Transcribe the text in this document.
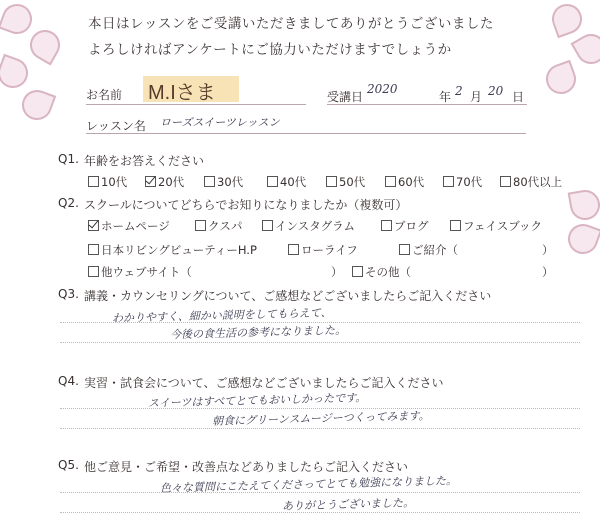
本日はレッスンをご受講いただきましてありがとうございました
よろしければアンケートにご協力いただけますでしょうか
お名前 M.Iさま	受講日
2020
年 2 月 20 日
レッスン名 ローズスイーツレッスン
Q1. 年齢をお答えください
10代	20代	30代	40代	50代	60代	70代	80代以上
Q2. スクールについてどちらでお知りになりましたか（複数可）
ホームページ	クスパ	インスタグラム	ブログ	フェイスブック
日本リビングビューティーH.P	ローライフ	ご紹介（	）
他ウェブサイト（	）	その他（	）
Q3. 講義・カウンセリングについて、ご感想などございましたらご記入ください
わかりやすく、細かい説明をしてもらえて、
今後の食生活の参考になりました。
Q4. 実習・試食会について、ご感想などございましたらご記入ください
スイーツはすべてとてもおいしかったです。
朝食にグリーンスムージーつくってみます。
Q5. 他ご意見・ご希望・改善点などありましたらご記入ください
色々な質問にこたえてくださってとても勉強になりました。
ありがとうございました。
